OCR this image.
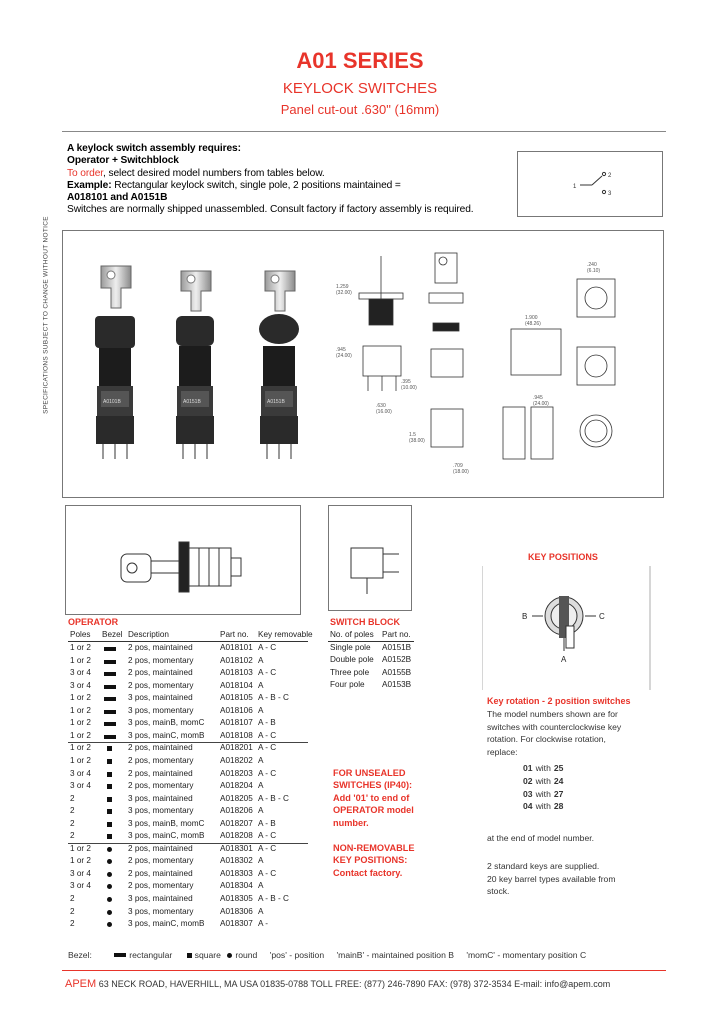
A01 SERIES
KEYLOCK SWITCHES
Panel cut-out .630" (16mm)
A keylock switch assembly requires:
Operator + Switchblock
To order, select desired model numbers from tables below.
Example: Rectangular keylock switch, single pole, 2 positions maintained =
A018101 and A0151B
Switches are normally shipped unassembled. Consult factory if factory assembly is required.
1
2
3
SPECIFICATIONS SUBJECT TO CHANGE WITHOUT NOTICE	A0101B	A0151B	A0151B
1.259
(32.00)
.945
(24.00)
.395
(10.00)
.630
(16.00)
1.5
(38.00)
.709
(18.00)
.240
(6.10)
1.900
(48.26)
.945
(24.00)
KEY POSITIONS
B	C
A
OPERATOR
Poles Bezel Description	Part no. Key removable
1 or 2	2 pos, maintained	A018101 A - C
1 or 2	2 pos, momentary	A018102 A
3 or 4	2 pos, maintained	A018103 A - C
3 or 4	2 pos, momentary	A018104 A
1 or 2	3 pos, maintained	A018105 A - B - C
1 or 2	3 pos, momentary	A018106 A
1 or 2	3 pos, mainB, momC A018107 A - B
1 or 2	3 pos, mainC, momB A018108 A - C
1 or 2	2 pos, maintained	A018201 A - C
1 or 2	2 pos, momentary	A018202 A
3 or 4	2 pos, maintained	A018203 A - C
3 or 4	2 pos, momentary	A018204 A
2	3 pos, maintained	A018205 A - B - C
2	3 pos, momentary	A018206 A
2	3 pos, mainB, momC A018207 A - B
2	3 pos, mainC, momB A018208 A - C
1 or 2	2 pos, maintained	A018301 A - C
1 or 2	2 pos, momentary	A018302 A
3 or 4	2 pos, maintained	A018303 A - C
3 or 4	2 pos, momentary	A018304 A
2	3 pos, maintained	A018305 A - B - C
2	3 pos, momentary	A018306 A
2	3 pos, mainC, momB A018307 A -
SWITCH BLOCK
No. of poles Part no.
Single pole A0151B
Double pole A0152B
Three pole A0155B
Four pole A0153B
FOR UNSEALED
SWITCHES (IP40):
Add '01' to end of
OPERATOR model
number.
NON-REMOVABLE
KEY POSITIONS:
Contact factory.
Key rotation - 2 position switches
The model numbers shown are for
switches with counterclockwise key
rotation. For clockwise rotation,
replace:
01 with 25
02 with 24
03 with 27
04 with 28
at the end of model number.
2 standard keys are supplied.
20 key barrel types available from
stock.
Bezel:	rectangular	square round 'pos' - position 'mainB' - maintained position B 'momC' - momentary position C
APEM 63 NECK ROAD, HAVERHILL, MA USA 01835-0788 TOLL FREE: (877) 246-7890 FAX: (978) 372-3534 E-mail: info@apem.com
